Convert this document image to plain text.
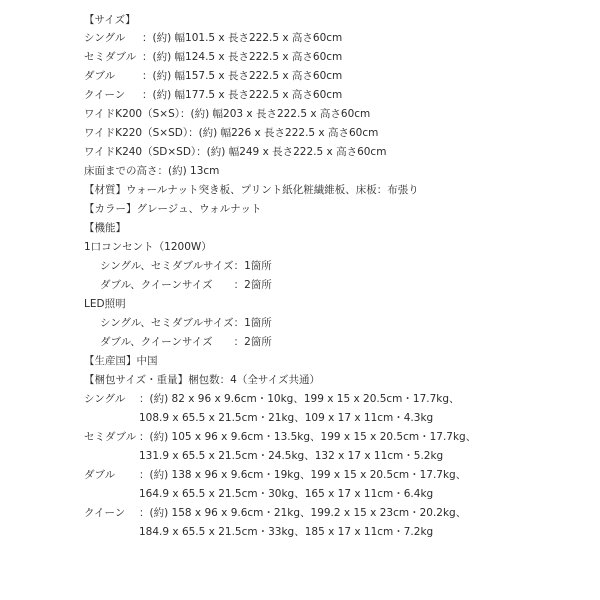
【サイズ】
シングル ：(約) 幅101.5 x 長さ222.5 x 高さ60cm
セミダブル ：(約) 幅124.5 x 長さ222.5 x 高さ60cm
ダブル	：(約) 幅157.5 x 長さ222.5 x 高さ60cm
クイーン ：(約) 幅177.5 x 長さ222.5 x 高さ60cm
ワイドK200（S×S）：(約) 幅203 x 長さ222.5 x 高さ60cm
ワイドK220（S×SD）：(約) 幅226 x 長さ222.5 x 高さ60cm
ワイドK240（SD×SD）：(約) 幅249 x 長さ222.5 x 高さ60cm
床面までの高さ：(約) 13cm
【材質】ウォールナット突き板、プリント紙化粧繊維板、床板：布張り
【カラー】グレージュ、ウォルナット
【機能】
1口コンセント（1200W）
シングル、セミダブルサイズ：1箇所
ダブル、クイーンサイズ　　：2箇所
LED照明
シングル、セミダブルサイズ：1箇所
ダブル、クイーンサイズ　　：2箇所
【生産国】中国
【梱包サイズ・重量】梱包数：4（全サイズ共通）
シングル ：(約) 82 x 96 x 9.6cm・10kg、199 x 15 x 20.5cm・17.7kg、
108.9 x 65.5 x 21.5cm・21kg、109 x 17 x 11cm・4.3kg
セミダブル ：(約) 105 x 96 x 9.6cm・13.5kg、199 x 15 x 20.5cm・17.7kg、
131.9 x 65.5 x 21.5cm・24.5kg、132 x 17 x 11cm・5.2kg
ダブル ：(約) 138 x 96 x 9.6cm・19kg、199 x 15 x 20.5cm・17.7kg、
164.9 x 65.5 x 21.5cm・30kg、165 x 17 x 11cm・6.4kg
クイーン ：(約) 158 x 96 x 9.6cm・21kg、199.2 x 15 x 23cm・20.2kg、
184.9 x 65.5 x 21.5cm・33kg、185 x 17 x 11cm・7.2kg
